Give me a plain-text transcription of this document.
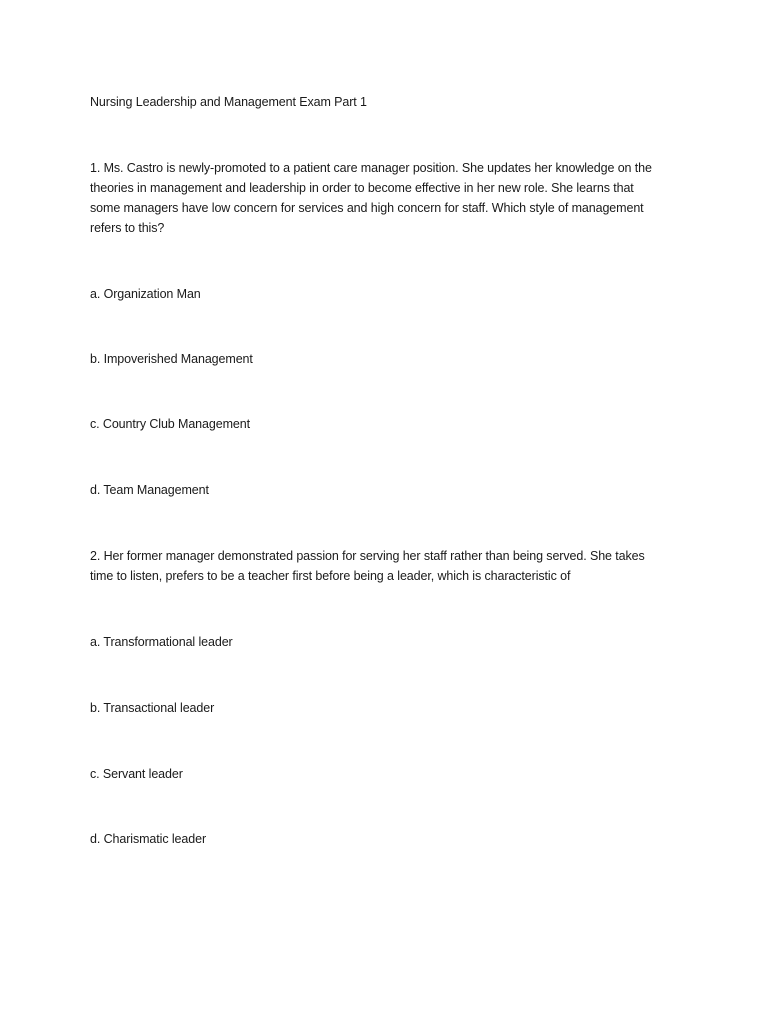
Nursing Leadership and Management Exam Part 1
1. Ms. Castro is newly-promoted to a patient care manager position. She updates her knowledge on the
theories in management and leadership in order to become effective in her new role. She learns that
some managers have low concern for services and high concern for staff. Which style of management
refers to this?
a. Organization Man
b. Impoverished Management
c. Country Club Management
d. Team Management
2. Her former manager demonstrated passion for serving her staff rather than being served. She takes
time to listen, prefers to be a teacher first before being a leader, which is characteristic of
a. Transformational leader
b. Transactional leader
c. Servant leader
d. Charismatic leader
